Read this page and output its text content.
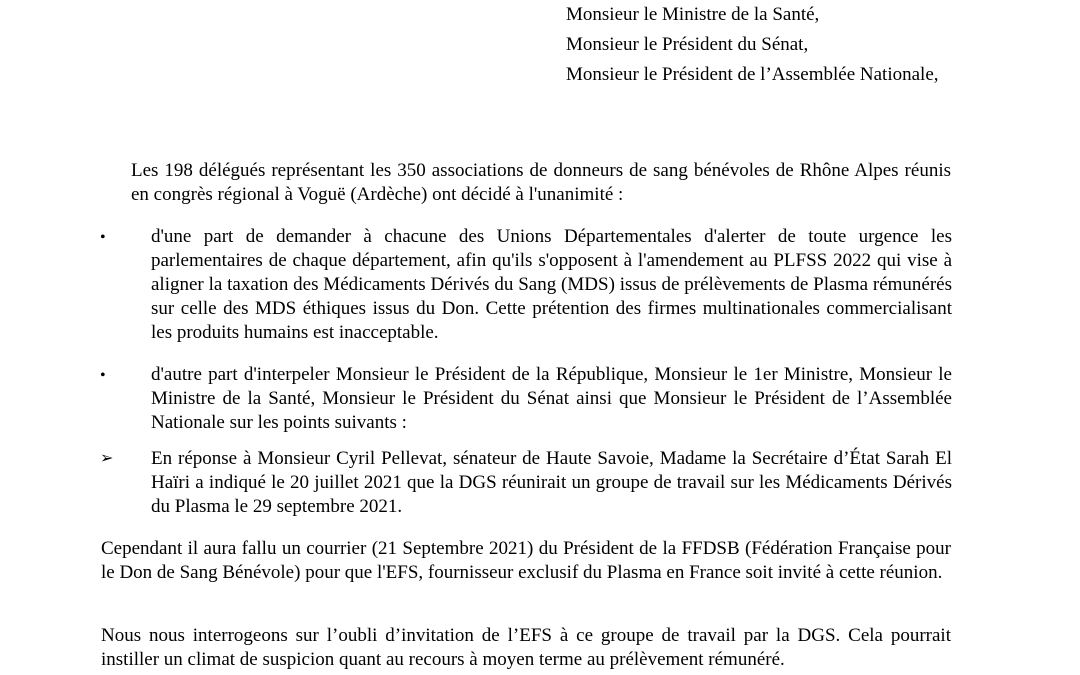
Monsieur le Ministre de la Santé,
Monsieur le Président du Sénat,
Monsieur le Président de l’Assemblée Nationale,
Les 198 délégués représentant les 350 associations de donneurs de sang bénévoles de Rhône Alpes réunis en congrès régional à Voguë (Ardèche) ont décidé à l'unanimité :
•
d'une part de demander à chacune des Unions Départementales d'alerter de toute urgence les parlementaires de chaque département, afin qu'ils s'opposent à l'amendement au PLFSS 2022 qui vise à aligner la taxation des Médicaments Dérivés du Sang (MDS) issus de prélèvements de Plasma rémunérés sur celle des MDS éthiques issus du Don. Cette prétention des firmes multinationales commercialisant les produits humains est inacceptable.
•
d'autre part d'interpeler Monsieur le Président de la République, Monsieur le 1er Ministre, Monsieur le Ministre de la Santé, Monsieur le Président du Sénat ainsi que Monsieur le Président de l’Assemblée Nationale sur les points suivants :
➢	En réponse à Monsieur Cyril Pellevat, sénateur de Haute Savoie, Madame la Secrétaire d’État Sarah El Haïri a indiqué le 20 juillet 2021 que la DGS réunirait un groupe de travail sur les Médicaments Dérivés du Plasma le 29 septembre 2021.
Cependant il aura fallu un courrier (21 Septembre 2021) du Président de la FFDSB (Fédération Française pour le Don de Sang Bénévole) pour que l'EFS, fournisseur exclusif du Plasma en France soit invité à cette réunion.
Nous nous interrogeons sur l’oubli d’invitation de l’EFS à ce groupe de travail par la DGS. Cela pourrait instiller un climat de suspicion quant au recours à moyen terme au prélèvement rémunéré.
